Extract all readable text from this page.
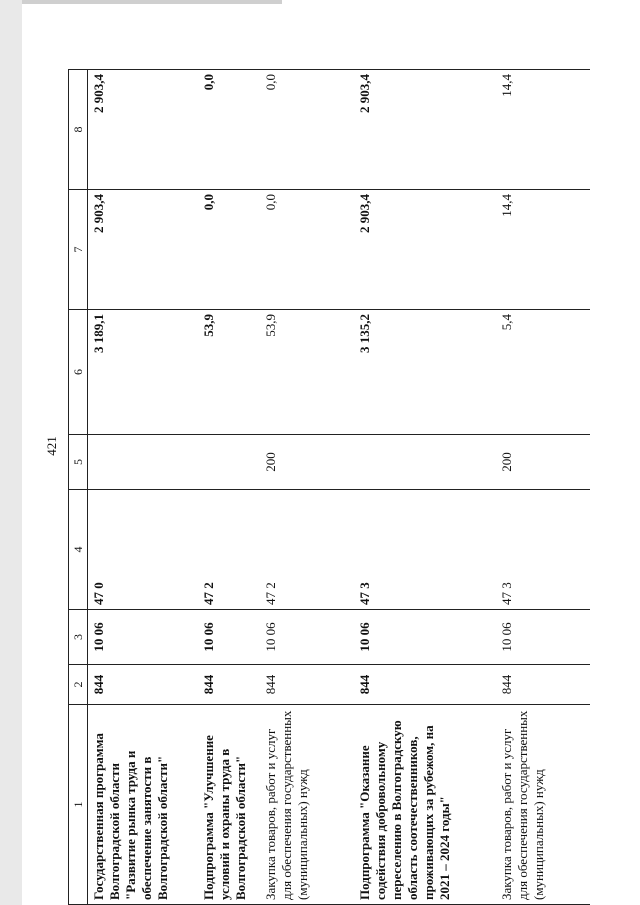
421
1	2	3	4	5	6	7	8
Государственная программа Волгоградской области "Развитие рынка труда и обеспечение занятости в Волгоградской области"	844	10 06	47 0		3 189,1	2 903,4	2 903,4
Подпрограмма "Улучшение условий и охраны труда в Волгоградской области"	844	10 06	47 2		53,9	0,0	0,0
Закупка товаров, работ и услуг для обеспечения государственных (муниципальных) нужд	844	10 06	47 2	200	53,9	0,0	0,0
Подпрограмма "Оказание содействия добровольному переселению в Волгоградскую область соотечественников, проживающих за рубежом, на 2021 – 2024 годы"	844	10 06	47 3		3 135,2	2 903,4	2 903,4
Закупка товаров, работ и услуг для обеспечения государственных (муниципальных) нужд	844	10 06	47 3	200	5,4	14,4	14,4
